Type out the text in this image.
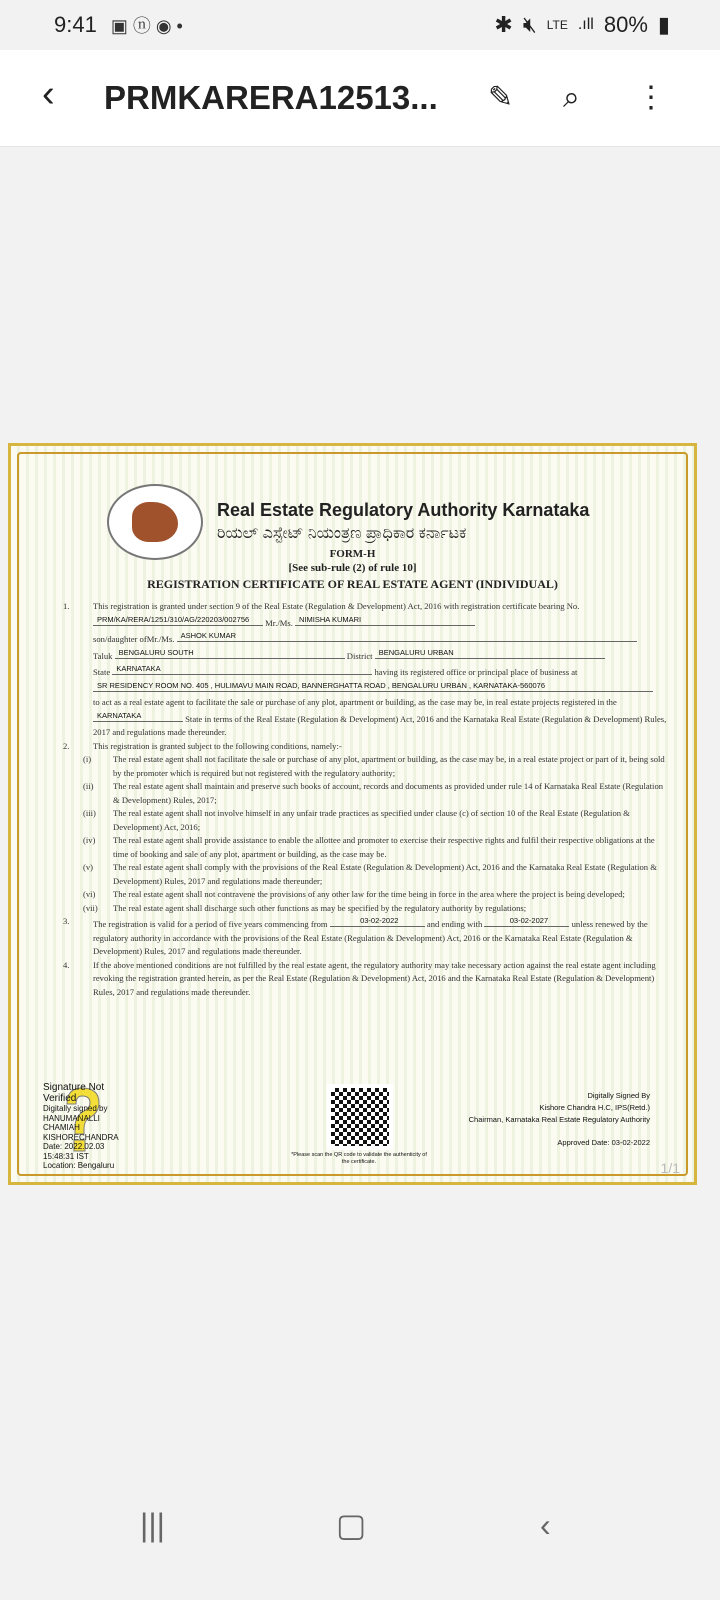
9:41 ▣ ⓝ ◉ •	✱ 🔇︎ LTE .ıll 80% ▮
‹ PRMKARERA12513...	✎ ⌕ ⋮
Real Estate Regulatory Authority Karnataka
ರಿಯಲ್ ಎಸ್ಟೇಟ್ ನಿಯಂತ್ರಣ ಪ್ರಾಧಿಕಾರ ಕರ್ನಾಟಕ
FORM-H
[See sub-rule (2) of rule 10]
REGISTRATION CERTIFICATE OF REAL ESTATE AGENT (INDIVIDUAL)
1.	This registration is granted under section 9 of the Real Estate (Regulation & Development) Act, 2016 with registration certificate bearing No. PRM/KA/RERA/1251/310/AG/220203/002756 Mr./Ms. NIMISHA KUMARI
son/daughter ofMr./Ms. ASHOK KUMAR
Taluk BENGALURU SOUTH	District BENGALURU URBAN
State KARNATAKA	having its registered office or principal place of business at
SR RESIDENCY ROOM NO. 405 , HULIMAVU MAIN ROAD, BANNERGHATTA ROAD , BENGALURU URBAN , KARNATAKA-560076
to act as a real estate agent to facilitate the sale or purchase of any plot, apartment or building, as the case may be, in real estate projects registered in the KARNATAKA	State in terms of the Real Estate (Regulation & Development) Act, 2016 and the Karnataka Real Estate (Regulation & Development) Rules, 2017 and regulations made thereunder.
2.	This registration is granted subject to the following conditions, namely:-
(i)	The real estate agent shall not facilitate the sale or purchase of any plot, apartment or building, as the case may be, in a real estate project or part of it, being sold by the promoter which is required but not registered with the regulatory authority;
(ii)	The real estate agent shall maintain and preserve such books of account, records and documents as provided under rule 14 of Karnataka Real Estate (Regulation & Development) Rules, 2017;
(iii)	The real estate agent shall not involve himself in any unfair trade practices as specified under clause (c) of section 10 of the Real Estate (Regulation & Development) Act, 2016;
(iv)	The real estate agent shall provide assistance to enable the allottee and promoter to exercise their respective rights and fulfil their respective obligations at the time of booking and sale of any plot, apartment or building, as the case may be.
(v)	The real estate agent shall comply with the provisions of the Real Estate (Regulation & Development) Act, 2016 and the Karnataka Real Estate (Regulation & Development) Rules, 2017 and regulations made thereunder;
(vi)	The real estate agent shall not contravene the provisions of any other law for the time being in force in the area where the project is being developed;
(vii)	The real estate agent shall discharge such other functions as may be specified by the regulatory authority by regulations;
3.	The registration is valid for a period of five years commencing from	03-02-2022	and ending with	03-02-2027	unless renewed by the regulatory authority in accordance with the provisions of the Real Estate (Regulation & Development) Act, 2016 or the Karnataka Real Estate (Regulation & Development) Rules, 2017 and regulations made thereunder.
4.	If the above mentioned conditions are not fulfilled by the real estate agent, the regulatory authority may take necessary action against the real estate agent including revoking the registration granted herein, as per the Real Estate (Regulation & Development) Act, 2016 and the Karnataka Real Estate (Regulation & Development) Rules, 2017 and regulations made thereunder.
Signature Not Verified
Digitally signed by
HANUMANALLI
CHAMIAH
KISHORECHANDRA
Date: 2022.02.03
15:48:31 IST
Location: Bengaluru
*Please scan the QR code to validate the authenticity of the certificate.
Digitally Signed By
Kishore Chandra H.C, IPS(Retd.)
Chairman, Karnataka Real Estate Regulatory Authority
Approved Date: 03-02-2022
1/1
|||	▢	‹
